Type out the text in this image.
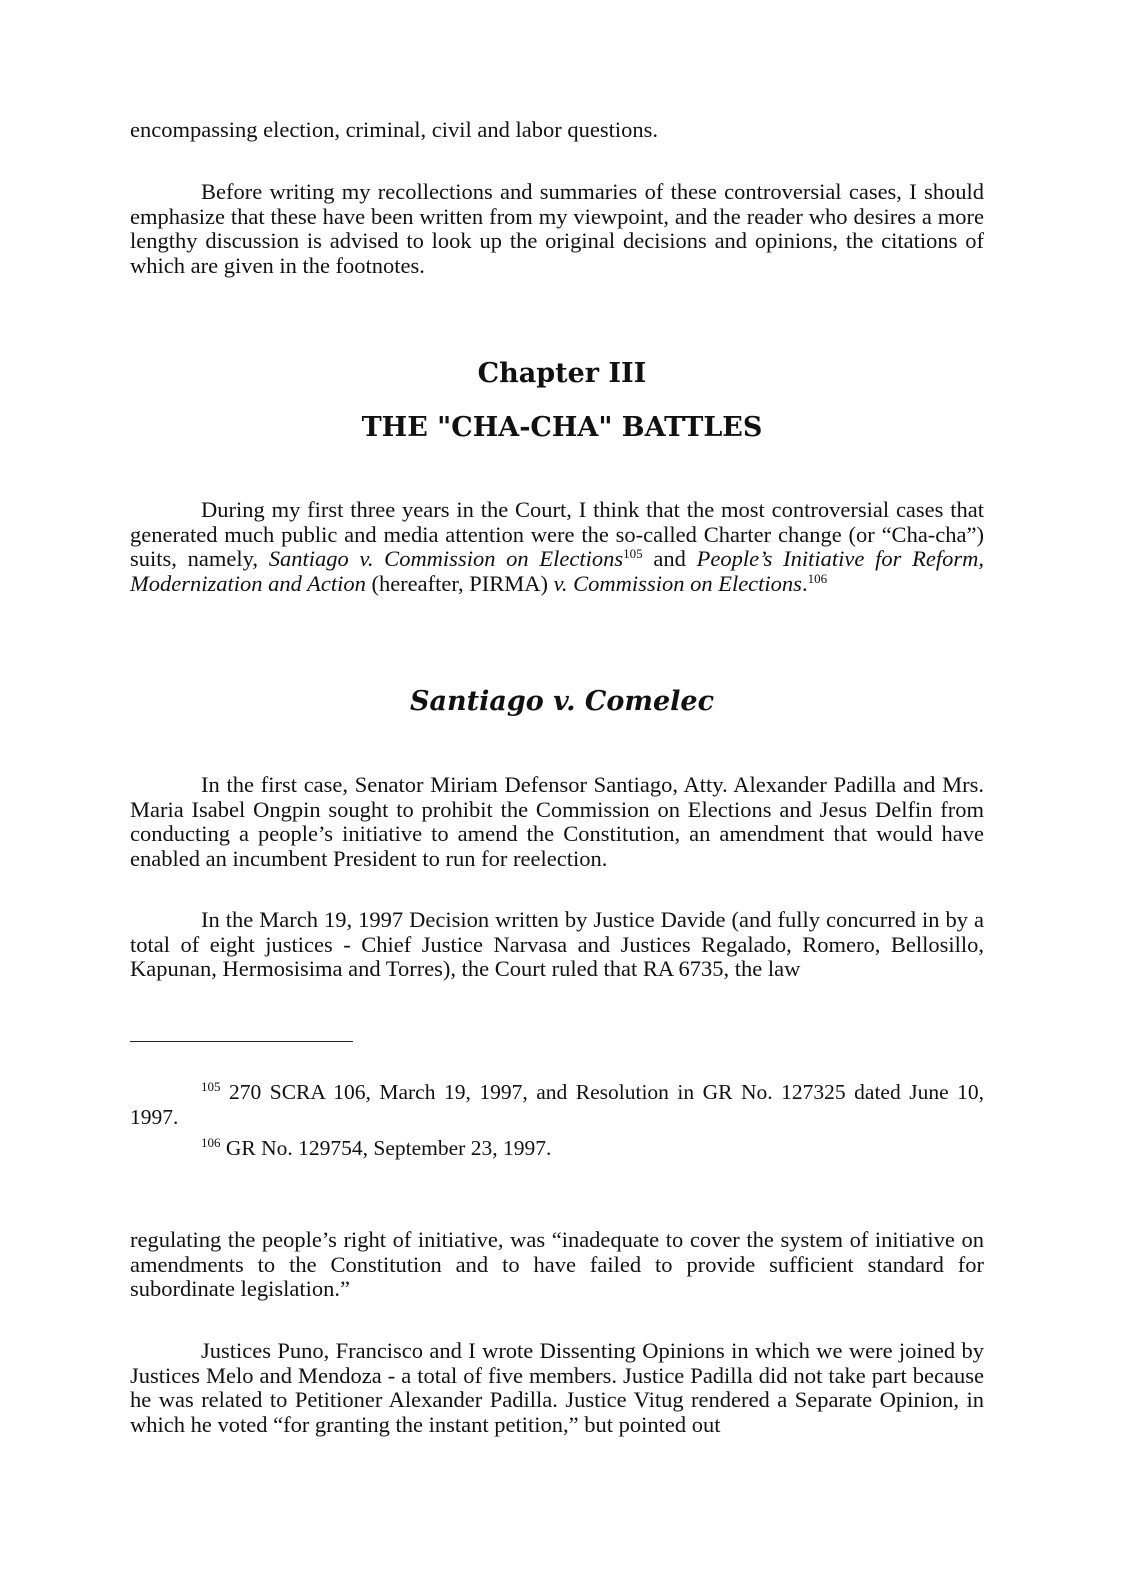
encompassing election, criminal, civil and labor questions.

Before writing my recollections and summaries of these controversial cases, I should emphasize that these have been written from my viewpoint, and the reader who desires a more lengthy discussion is advised to look up the original decisions and opinions, the citations of which are given in the footnotes.

Chapter III
THE "CHA-CHA" BATTLES

During my first three years in the Court, I think that the most controversial cases that generated much public and media attention were the so-called Charter change (or “Cha-cha”) suits, namely, Santiago v. Commission on Elections$^{105}$ and People’s Initiative for Reform, Modernization and Action (hereafter, PIRMA) v. Commission on Elections.$^{106}$

Santiago v. Comelec

In the first case, Senator Miriam Defensor Santiago, Atty. Alexander Padilla and Mrs. Maria Isabel Ongpin sought to prohibit the Commission on Elections and Jesus Delfin from conducting a people’s initiative to amend the Constitution, an amendment that would have enabled an incumbent President to run for reelection.

In the March 19, 1997 Decision written by Justice Davide (and fully concurred in by a total of eight justices - Chief Justice Narvasa and Justices Regalado, Romero, Bellosillo, Kapunan, Hermosisima and Torres), the Court ruled that RA 6735, the law

$^{105}$ 270 SCRA 106, March 19, 1997, and Resolution in GR No. 127325 dated June 10, 1997.

$^{106}$ GR No. 129754, September 23, 1997.

regulating the people’s right of initiative, was “inadequate to cover the system of initiative on amendments to the Constitution and to have failed to provide sufficient standard for subordinate legislation.”

Justices Puno, Francisco and I wrote Dissenting Opinions in which we were joined by Justices Melo and Mendoza - a total of five members. Justice Padilla did not take part because he was related to Petitioner Alexander Padilla. Justice Vitug rendered a Separate Opinion, in which he voted “for granting the instant petition,” but pointed out
